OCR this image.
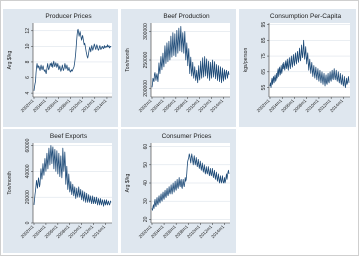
Producer Prices
4
6
8
10
12
Arg $/kg
2002m1
2004m1
2006m1
2008m1
2010m1
2012m1
2014m1
Beef Production
200000
250000
300000
Ton/month
2002m1
2004m1
2006m1
2008m1
2010m1
2012m1
2014m1
Consumption Per-Capita
55
65
75
85
95
kgs/person
2002m1
2004m1
2006m1
2008m1
2010m1
2012m1
2014m1
Beef Exports
0
20000
40000
60000
Ton/month
2002m1
2004m1
2006m1
2008m1
2010m1
2012m1
2014m1
Consumer Prices
20
30
40
50
60
Arg $/kg
2002m1
2004m1
2006m1
2008m1
2010m1
2012m1
2014m1
